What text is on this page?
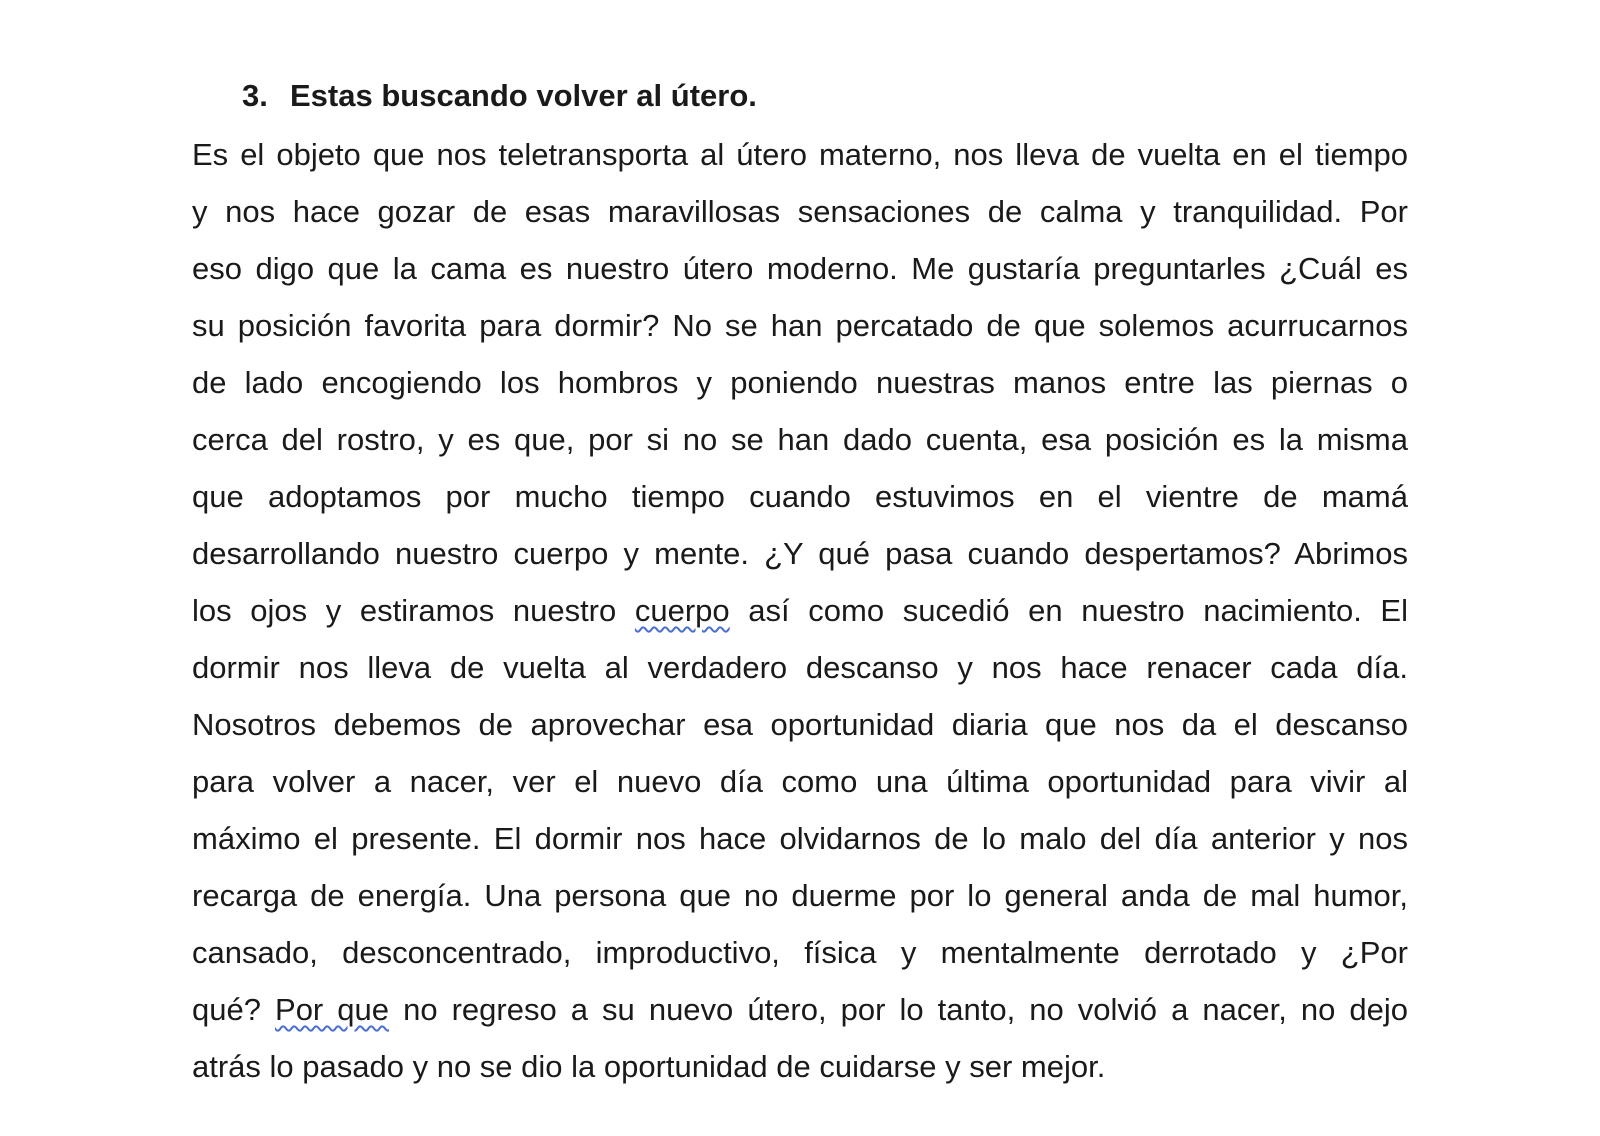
3. Estas buscando volver al útero.
Es el objeto que nos teletransporta al útero materno, nos lleva de vuelta en el tiempo
y nos hace gozar de esas maravillosas sensaciones de calma y tranquilidad. Por
eso digo que la cama es nuestro útero moderno. Me gustaría preguntarles ¿Cuál es
su posición favorita para dormir? No se han percatado de que solemos acurrucarnos
de lado encogiendo los hombros y poniendo nuestras manos entre las piernas o
cerca del rostro, y es que, por si no se han dado cuenta, esa posición es la misma
que adoptamos por mucho tiempo cuando estuvimos en el vientre de mamá
desarrollando nuestro cuerpo y mente. ¿Y qué pasa cuando despertamos? Abrimos
los ojos y estiramos nuestro cuerpo así como sucedió en nuestro nacimiento. El
dormir nos lleva de vuelta al verdadero descanso y nos hace renacer cada día.
Nosotros debemos de aprovechar esa oportunidad diaria que nos da el descanso
para volver a nacer, ver el nuevo día como una última oportunidad para vivir al
máximo el presente. El dormir nos hace olvidarnos de lo malo del día anterior y nos
recarga de energía. Una persona que no duerme por lo general anda de mal humor,
cansado, desconcentrado, improductivo, física y mentalmente derrotado y ¿Por
qué? Por que no regreso a su nuevo útero, por lo tanto, no volvió a nacer, no dejo
atrás lo pasado y no se dio la oportunidad de cuidarse y ser mejor.
